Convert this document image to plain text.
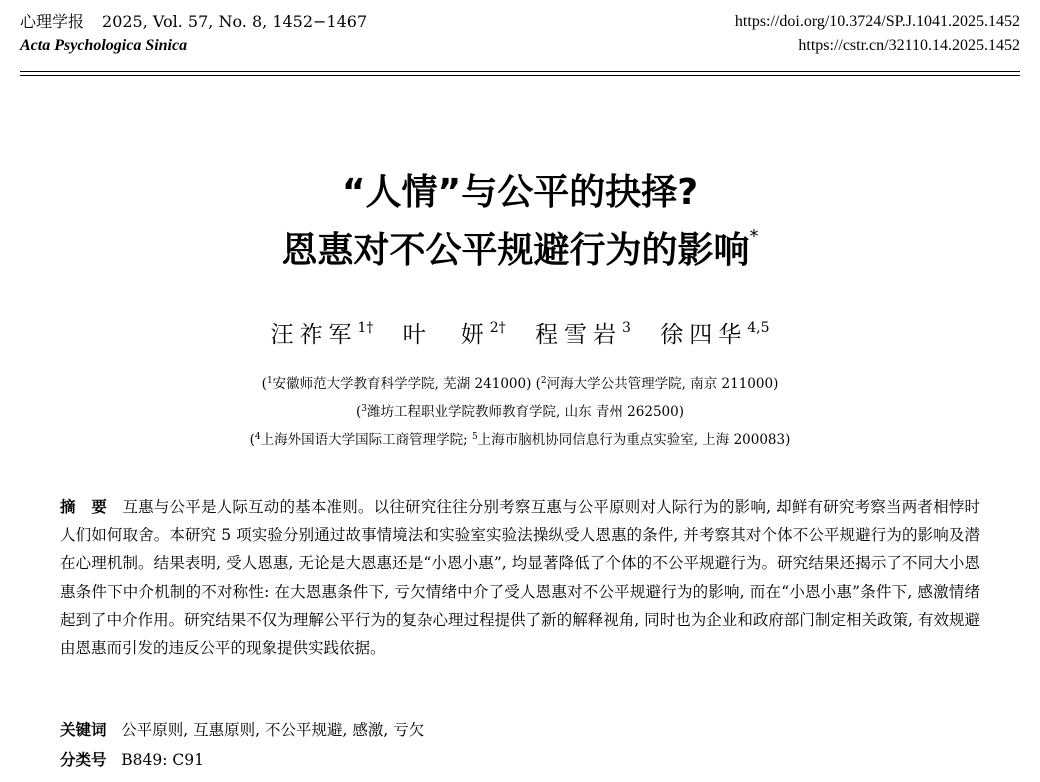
心理学报 2025, Vol. 57, No. 8, 1452−1467
Acta Psychologica Sinica
https://doi.org/10.3724/SP.J.1041.2025.1452
https://cstr.cn/32110.14.2025.1452
“人情”与公平的抉择?
恩惠对不公平规避行为的影响*
汪祚军$^{1\dagger}$ 叶　妍$^{2\dagger}$ 程雪岩$^3$ 徐四华$^{4,5}$
($^1$安徽师范大学教育科学学院, 芜湖 241000) ($^2$河海大学公共管理学院, 南京 211000)
($^3$潍坊工程职业学院教师教育学院, 山东 青州 262500)
($^4$上海外国语大学国际工商管理学院; $^5$上海市脑机协同信息行为重点实验室, 上海 200083)
摘　要 互惠与公平是人际互动的基本准则。以往研究往往分别考察互惠与公平原则对人际行为的影响, 却鲜有研究考察当两者相悖时人们如何取舍。本研究 5 项实验分别通过故事情境法和实验室实验法操纵受人恩惠的条件, 并考察其对个体不公平规避行为的影响及潜在心理机制。结果表明, 受人恩惠, 无论是大恩惠还是“小恩小惠”, 均显著降低了个体的不公平规避行为。研究结果还揭示了不同大小恩惠条件下中介机制的不对称性: 在大恩惠条件下, 亏欠情绪中介了受人恩惠对不公平规避行为的影响, 而在“小恩小惠”条件下, 感激情绪起到了中介作用。研究结果不仅为理解公平行为的复杂心理过程提供了新的解释视角, 同时也为企业和政府部门制定相关政策, 有效规避由恩惠而引发的违反公平的现象提供实践依据。
关键词 公平原则, 互惠原则, 不公平规避, 感激, 亏欠
分类号 B849: C91
